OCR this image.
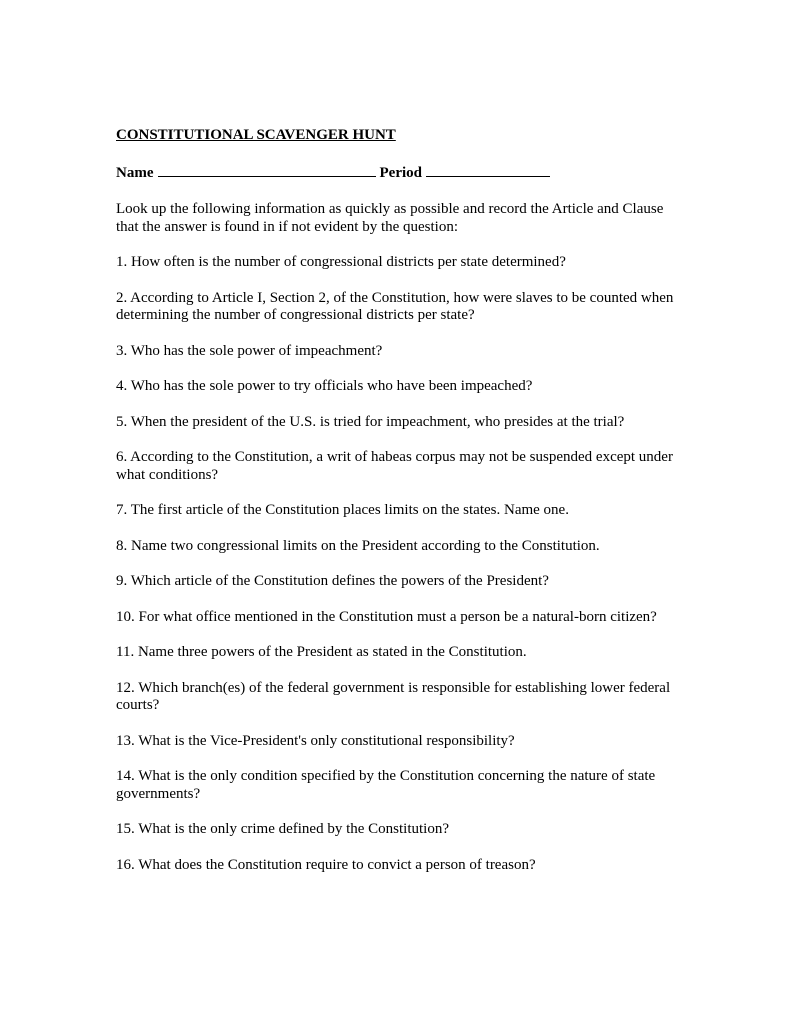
CONSTITUTIONAL SCAVENGER HUNT
Name	Period

Look up the following information as quickly as possible and record the Article and Clause that the answer is found in if not evident by the question:

1. How often is the number of congressional districts per state determined?

2. According to Article I, Section 2, of the Constitution, how were slaves to be counted when determining the number of congressional districts per state?

3. Who has the sole power of impeachment?

4. Who has the sole power to try officials who have been impeached?

5. When the president of the U.S. is tried for impeachment, who presides at the trial?

6. According to the Constitution, a writ of habeas corpus may not be suspended except under what conditions?

7. The first article of the Constitution places limits on the states. Name one.

8. Name two congressional limits on the President according to the Constitution.

9. Which article of the Constitution defines the powers of the President?

10. For what office mentioned in the Constitution must a person be a natural-born citizen?

11. Name three powers of the President as stated in the Constitution.

12. Which branch(es) of the federal government is responsible for establishing lower federal courts?

13. What is the Vice-President's only constitutional responsibility?

14. What is the only condition specified by the Constitution concerning the nature of state governments?

15. What is the only crime defined by the Constitution?

16. What does the Constitution require to convict a person of treason?
